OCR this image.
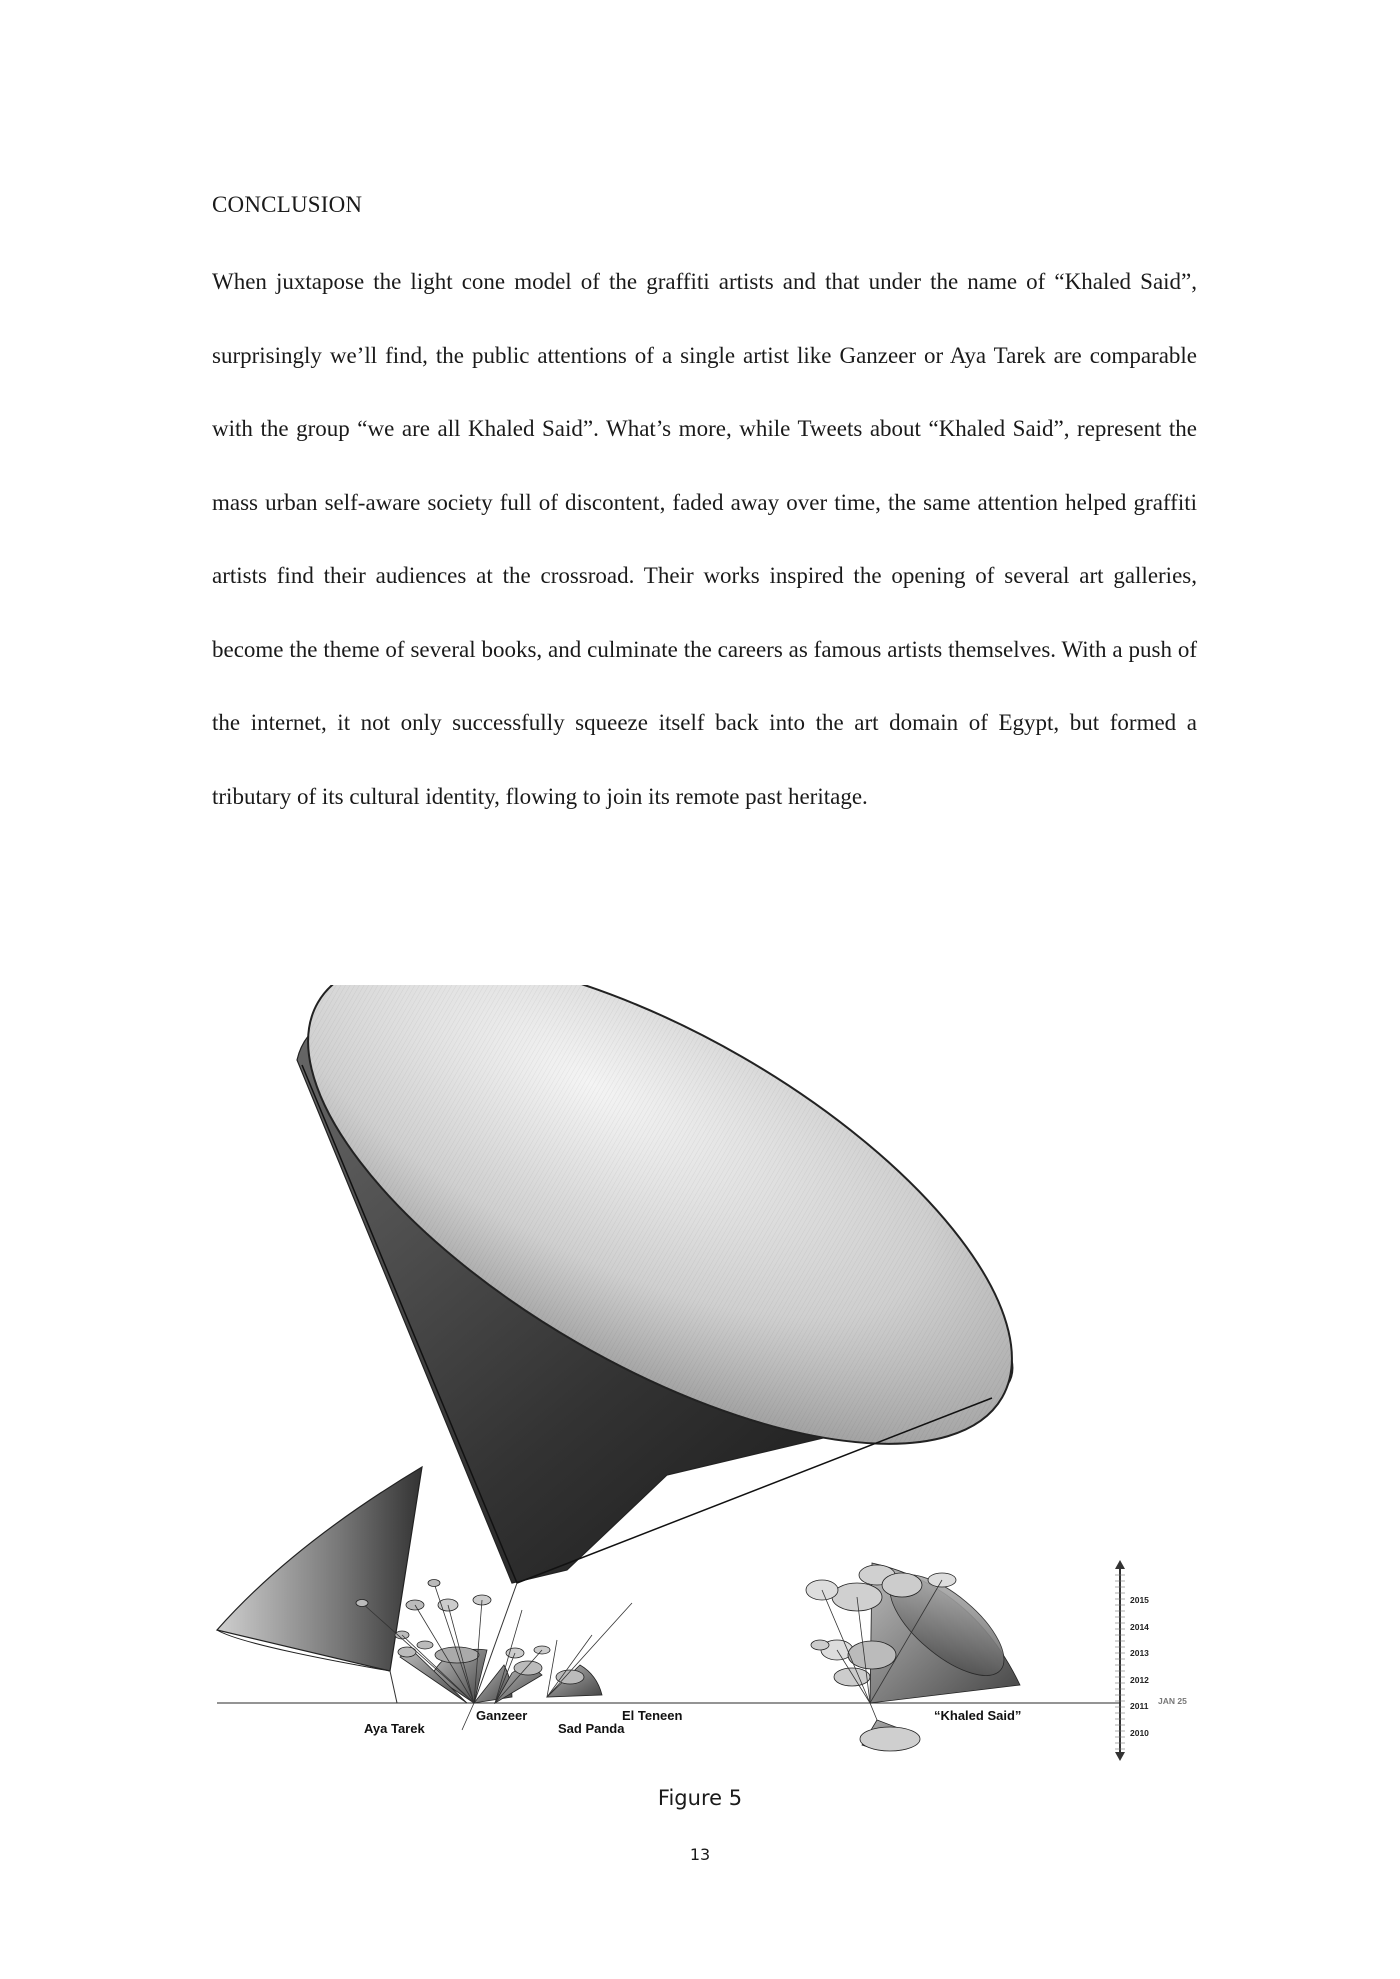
CONCLUSION
When juxtapose the light cone model of the graffiti artists and that under the name of “Khaled Said”, surprisingly we’ll find, the public attentions of a single artist like Ganzeer or Aya Tarek are comparable with the group “we are all Khaled Said”. What’s more, while Tweets about “Khaled Said”, represent the mass urban self-aware society full of discontent, faded away over time, the same attention helped graffiti artists find their audiences at the crossroad. Their works inspired the opening of several art galleries, become the theme of several books, and culminate the careers as famous artists themselves. With a push of the internet, it not only successfully squeeze itself back into the art domain of Egypt, but formed a tributary of its cultural identity, flowing to join its remote past heritage.
2015
2014
2013
2012
2011
2010
JAN 25
Aya Tarek
Ganzeer
Sad Panda
El Teneen	“Khaled Said”
Figure 5
13
